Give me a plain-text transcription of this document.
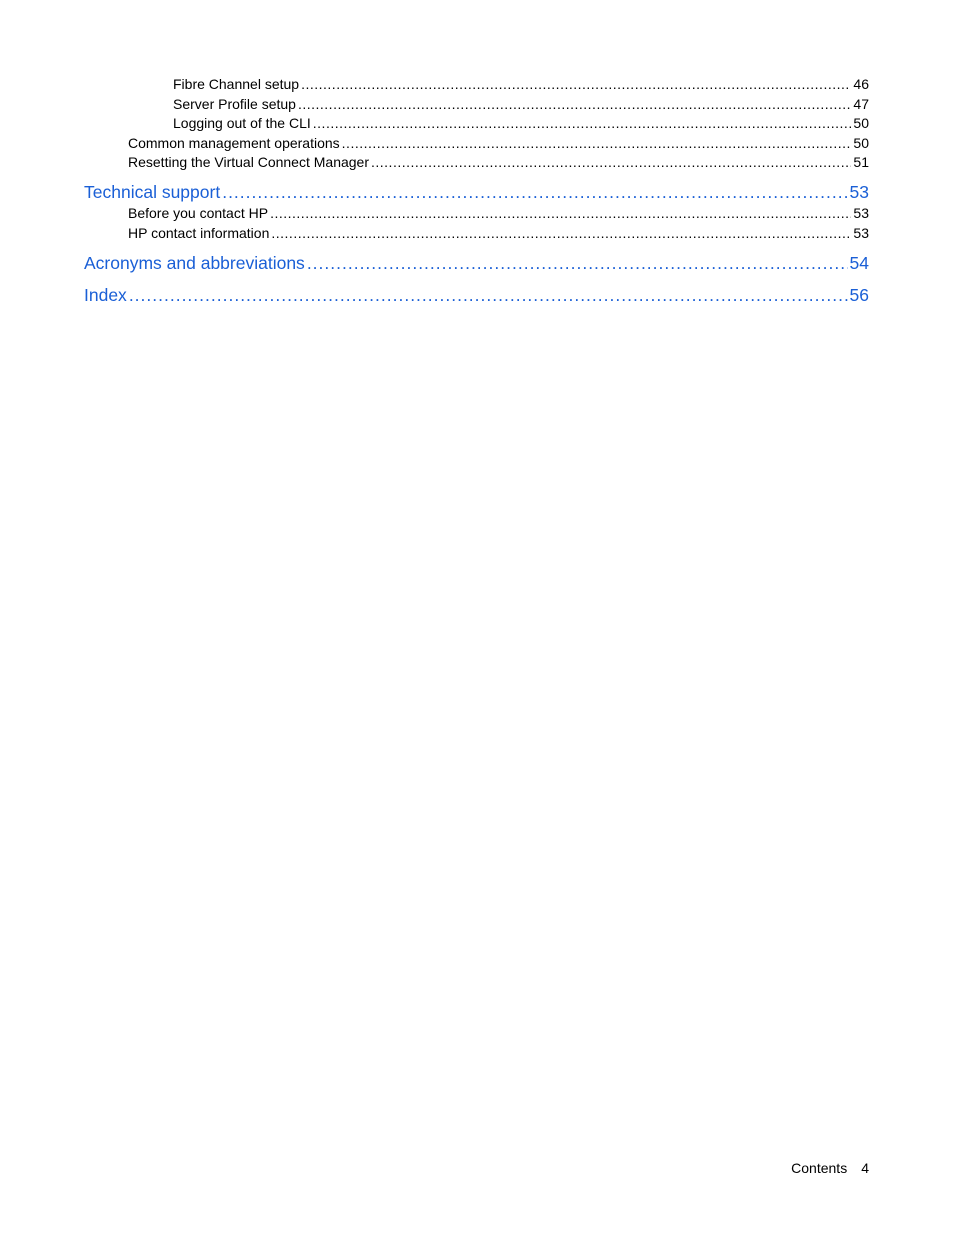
Fibre Channel setup .....	46
Server Profile setup .....	47
Logging out of the CLI .....	50
Common management operations .....	50
Resetting the Virtual Connect Manager .....	51
Technical support .....	53
Before you contact HP .....	53
HP contact information .....	53
Acronyms and abbreviations .....	54
Index .....	56
Contents 4
